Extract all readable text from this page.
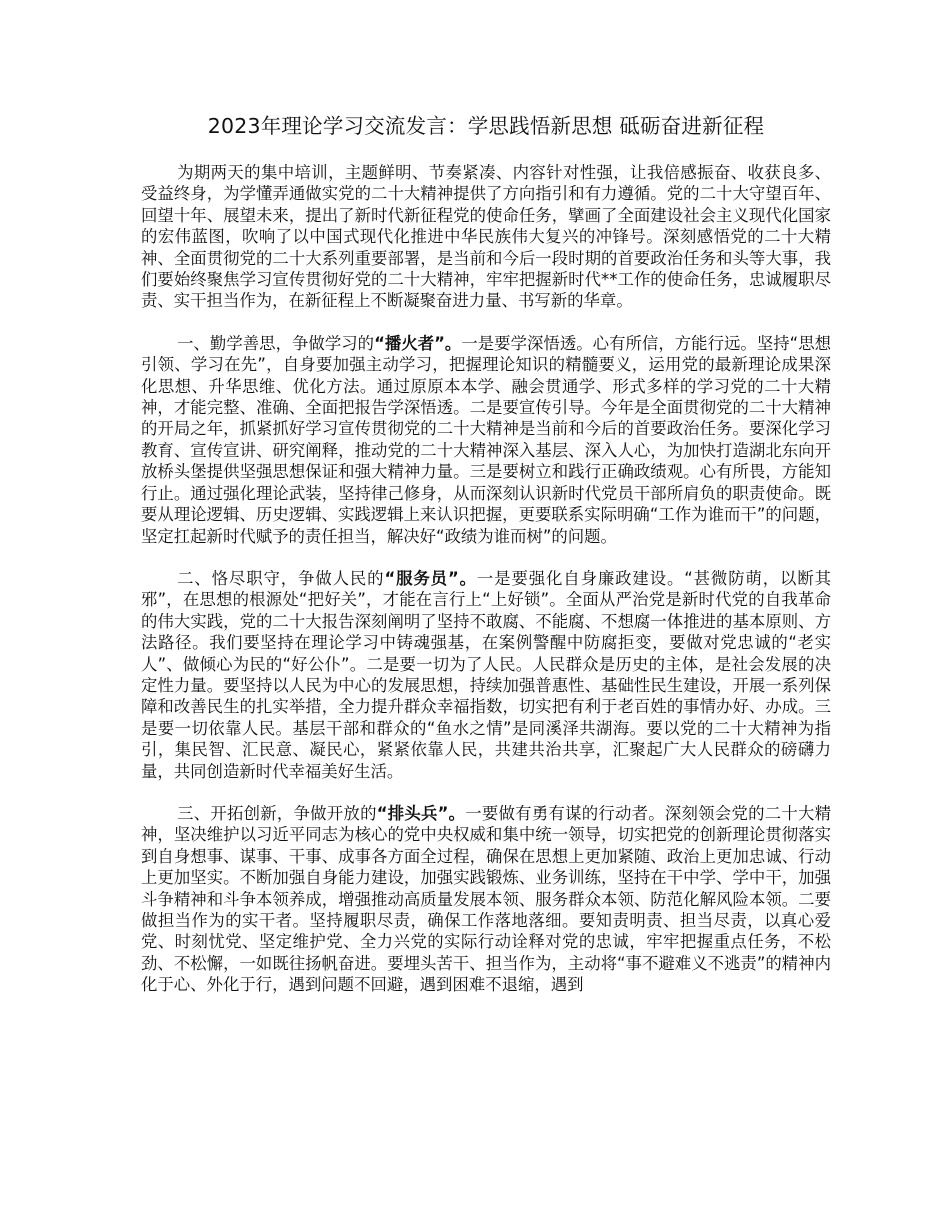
2023年理论学习交流发言：学思践悟新思想 砥砺奋进新征程

为期两天的集中培训，主题鲜明、节奏紧凑、内容针对性强，让我倍感振奋、收获良多、受益终身，为学懂弄通做实党的二十大精神提供了方向指引和有力遵循。党的二十大守望百年、回望十年、展望未来，提出了新时代新征程党的使命任务，擘画了全面建设社会主义现代化国家的宏伟蓝图，吹响了以中国式现代化推进中华民族伟大复兴的冲锋号。深刻感悟党的二十大精神、全面贯彻党的二十大系列重要部署，是当前和今后一段时期的首要政治任务和头等大事，我们要始终聚焦学习宣传贯彻好党的二十大精神，牢牢把握新时代**工作的使命任务，忠诚履职尽责、实干担当作为，在新征程上不断凝聚奋进力量、书写新的华章。

一、勤学善思，争做学习的“播火者”。一是要学深悟透。心有所信，方能行远。坚持“思想引领、学习在先”，自身要加强主动学习，把握理论知识的精髓要义，运用党的最新理论成果深化思想、升华思维、优化方法。通过原原本本学、融会贯通学、形式多样的学习党的二十大精神，才能完整、准确、全面把报告学深悟透。二是要宣传引导。今年是全面贯彻党的二十大精神的开局之年，抓紧抓好学习宣传贯彻党的二十大精神是当前和今后的首要政治任务。要深化学习教育、宣传宣讲、研究阐释，推动党的二十大精神深入基层、深入人心，为加快打造湖北东向开放桥头堡提供坚强思想保证和强大精神力量。三是要树立和践行正确政绩观。心有所畏，方能知行止。通过强化理论武装，坚持律己修身，从而深刻认识新时代党员干部所肩负的职责使命。既要从理论逻辑、历史逻辑、实践逻辑上来认识把握，更要联系实际明确“工作为谁而干”的问题，坚定扛起新时代赋予的责任担当，解决好“政绩为谁而树”的问题。

二、恪尽职守，争做人民的“服务员”。一是要强化自身廉政建设。“甚微防萌，以断其邪”，在思想的根源处“把好关”，才能在言行上“上好锁”。全面从严治党是新时代党的自我革命的伟大实践，党的二十大报告深刻阐明了坚持不敢腐、不能腐、不想腐一体推进的基本原则、方法路径。我们要坚持在理论学习中铸魂强基，在案例警醒中防腐拒变，要做对党忠诚的“老实人”、做倾心为民的“好公仆”。二是要一切为了人民。人民群众是历史的主体，是社会发展的决定性力量。要坚持以人民为中心的发展思想，持续加强普惠性、基础性民生建设，开展一系列保障和改善民生的扎实举措，全力提升群众幸福指数，切实把有利于老百姓的事情办好、办成。三是要一切依靠人民。基层干部和群众的“鱼水之情”是同溪泽共湖海。要以党的二十大精神为指引，集民智、汇民意、凝民心，紧紧依靠人民，共建共治共享，汇聚起广大人民群众的磅礴力量，共同创造新时代幸福美好生活。

三、开拓创新，争做开放的“排头兵”。一要做有勇有谋的行动者。深刻领会党的二十大精神，坚决维护以习近平同志为核心的党中央权威和集中统一领导，切实把党的创新理论贯彻落实到自身想事、谋事、干事、成事各方面全过程，确保在思想上更加紧随、政治上更加忠诚、行动上更加坚实。不断加强自身能力建设，加强实践锻炼、业务训练，坚持在干中学、学中干，加强斗争精神和斗争本领养成，增强推动高质量发展本领、服务群众本领、防范化解风险本领。二要做担当作为的实干者。坚持履职尽责，确保工作落地落细。要知责明责、担当尽责，以真心爱党、时刻忧党、坚定维护党、全力兴党的实际行动诠释对党的忠诚，牢牢把握重点任务，不松劲、不松懈，一如既往扬帆奋进。要埋头苦干、担当作为，主动将“事不避难义不逃责”的精神内化于心、外化于行，遇到问题不回避，遇到困难不退缩，遇到
